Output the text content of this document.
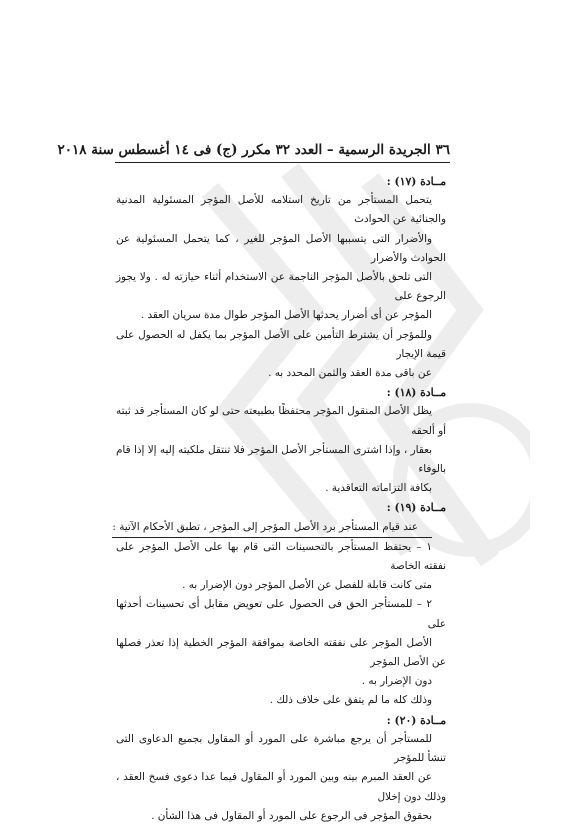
٣٦ الجريدة الرسمية – العدد ٣٢ مكرر (ج) فى ١٤ أغسطس سنة ٢٠١٨

مــادة (١٧) :

يتحمل المستأجر من تاريخ استلامه للأصل المؤجر المسئولية المدنية والجنائية عن الحوادث
والأضرار التى يتسببها الأصل المؤجر للغير ، كما يتحمل المسئولية عن الحوادث والأضرار
التى تلحق بالأصل المؤجر الناجمة عن الاستخدام أثناء حيازته له . ولا يجوز الرجوع على
المؤجر عن أى أضرار يحدثها الأصل المؤجر طوال مدة سريان العقد .

وللمؤجر أن يشترط التأمين على الأصل المؤجر بما يكفل له الحصول على قيمة الإيجار
عن باقى مدة العقد والثمن المحدد به .

مــادة (١٨) :

يظل الأصل المنقول المؤجر محتفظًا بطبيعته حتى لو كان المستأجر قد ثبته أو ألحقه
بعقار ، وإذا اشترى المستأجر الأصل المؤجر فلا تنتقل ملكيته إليه إلا إذا قام بالوفاء
بكافة التزاماته التعاقدية .

مــادة (١٩) :

عند قيام المستأجر برد الأصل المؤجر إلى المؤجر ، تطبق الأحكام الآتية :

١ – يحتفظ المستأجر بالتحسينات التى قام بها على الأصل المؤجر على نفقته الخاصة
متى كانت قابلة للفصل عن الأصل المؤجر دون الإضرار به .

٢ – للمستأجر الحق فى الحصول على تعويض مقابل أى تحسينات أحدثها على
الأصل المؤجر على نفقته الخاصة بموافقة المؤجر الخطية إذا تعذر فصلها عن الأصل المؤجر
دون الإضرار به .

وذلك كله ما لم يتفق على خلاف ذلك .

مــادة (٢٠) :

للمستأجر أن يرجع مباشرة على المورد أو المقاول بجميع الدعاوى التى تنشأ للمؤجر
عن العقد المبرم بينه وبين المورد أو المقاول فيما عدا دعوى فسخ العقد ، وذلك دون إخلال
بحقوق المؤجر فى الرجوع على المورد أو المقاول فى هذا الشأن .
